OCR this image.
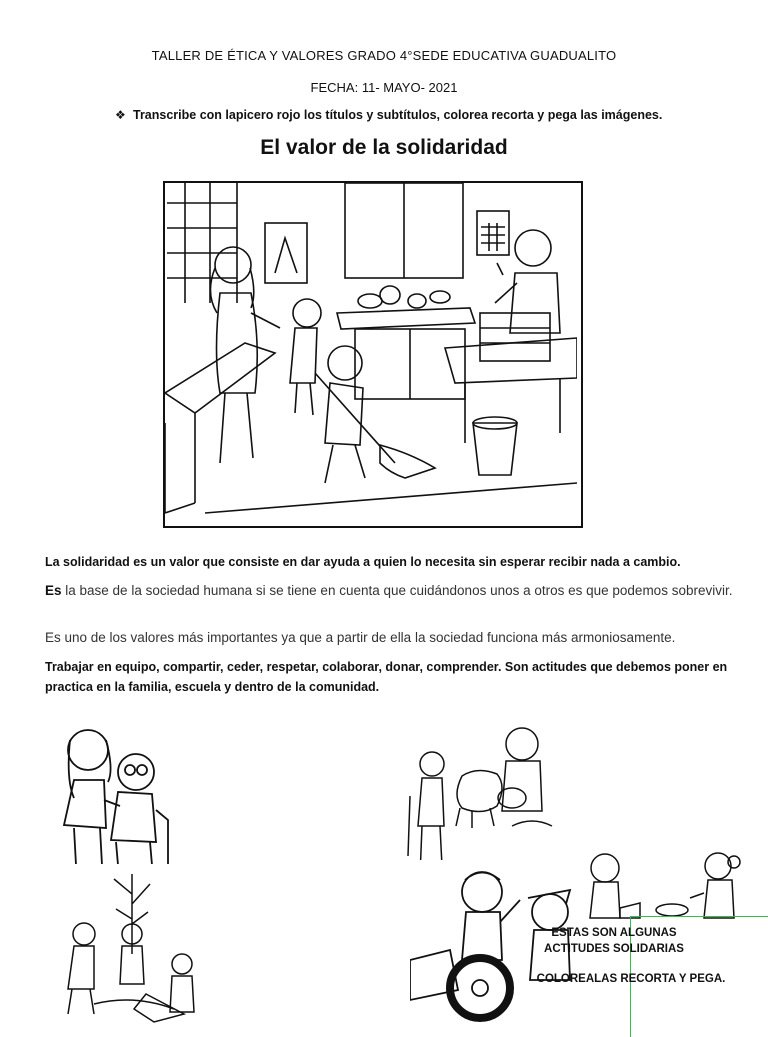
TALLER DE ÉTICA Y VALORES GRADO 4°SEDE EDUCATIVA GUADUALITO
FECHA: 11- MAYO- 2021
❖ Transcribe con lapicero rojo los títulos y subtítulos, colorea recorta y pega las imágenes.
El valor de la solidaridad
La solidaridad es un valor que consiste en dar ayuda a quien lo necesita sin esperar recibir nada a cambio.
Es la base de la sociedad humana si se tiene en cuenta que cuidándonos unos a otros es que podemos sobrevivir.
Es uno de los valores más importantes ya que a partir de ella la sociedad funciona más armoniosamente.
Trabajar en equipo, compartir, ceder, respetar, colaborar, donar, comprender. Son actitudes que debemos poner en practica en la familia, escuela y dentro de la comunidad.
ESTAS SON ALGUNAS ACTITUDES SOLIDARIAS
COLOREALAS RECORTA Y PEGA.
